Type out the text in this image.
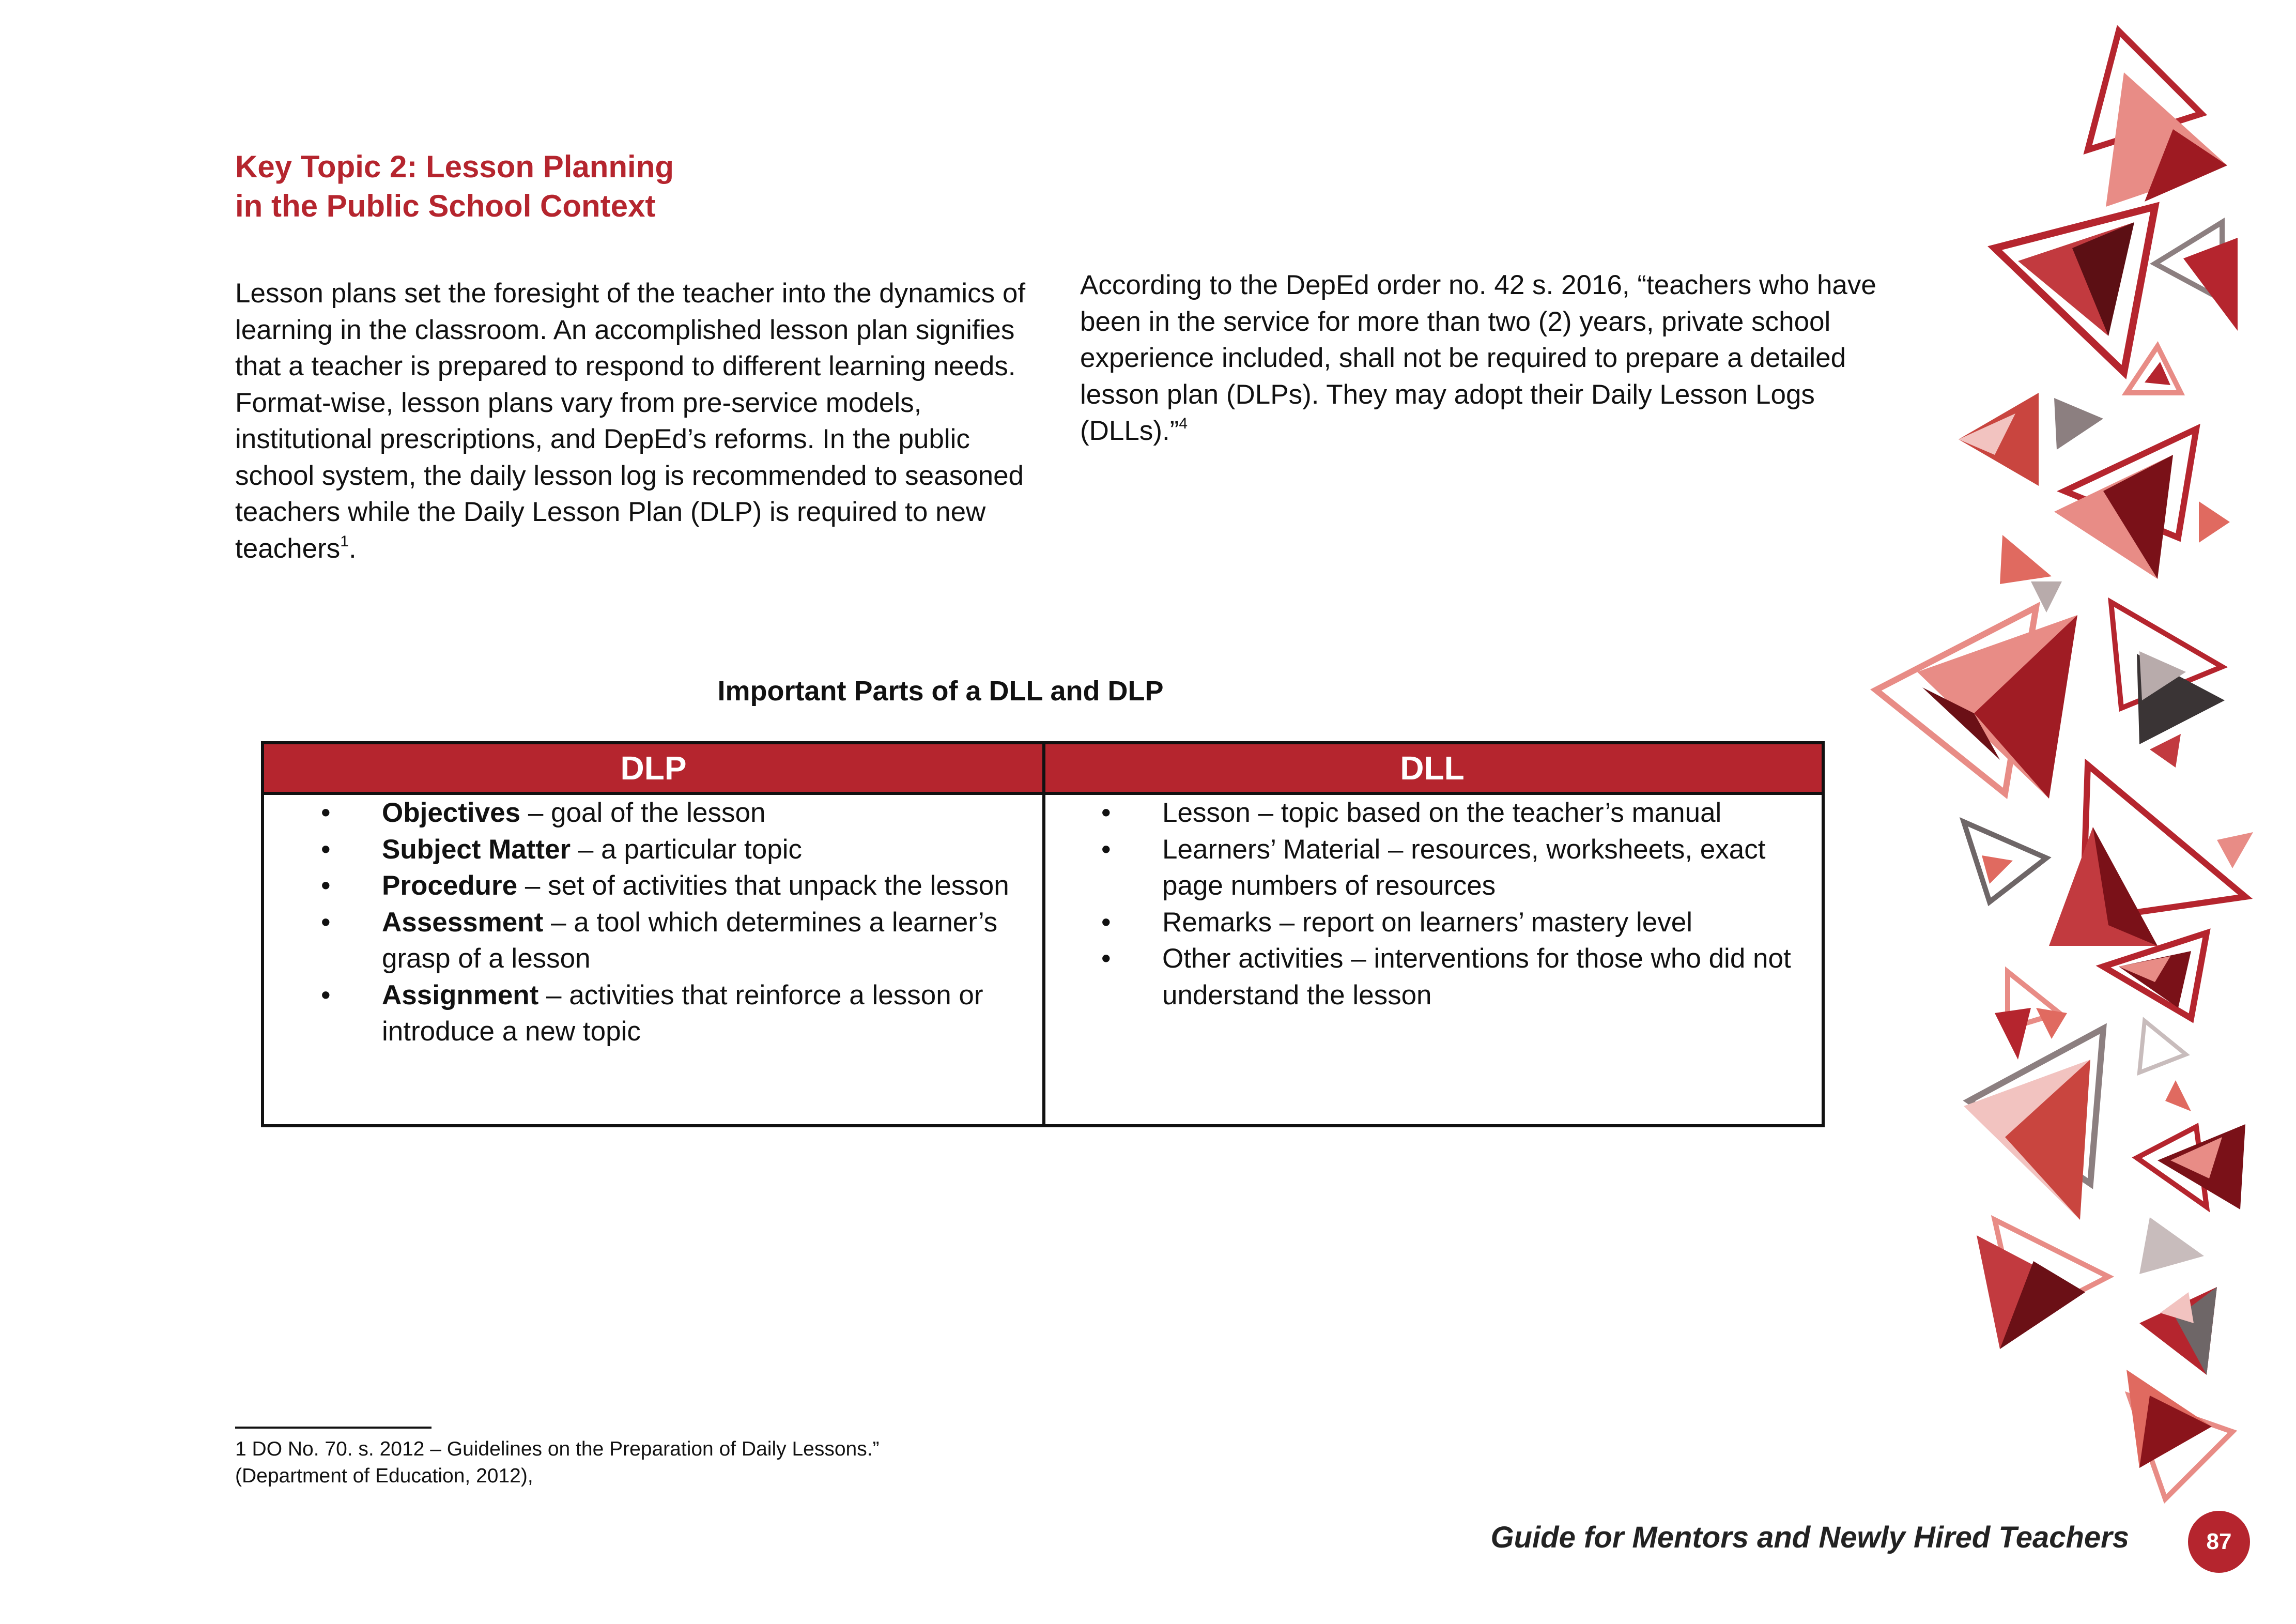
Key Topic 2: Lesson Planning
in the Public School Context
Lesson plans set the foresight of the teacher into the dynamics of learning in the classroom. An accomplished lesson plan signifies that a teacher is prepared to respond to different learning needs. Format-wise, lesson plans vary from pre-service models, institutional prescriptions, and DepEd’s reforms. In the public school system, the daily lesson log is recommended to seasoned teachers while the Daily Lesson Plan (DLP) is required to new teachers$^1$.
According to the DepEd order no. 42 s. 2016, “teachers who have been in the service for more than two (2) years, private school experience included, shall not be required to prepare a detailed lesson plan (DLPs). They may adopt their Daily Lesson Logs (DLLs).”$^4$
Important Parts of a DLL and DLP
DLP	DLL
• Objectives – goal of the lesson
• Subject Matter – a particular topic
• Procedure – set of activities that unpack the lesson
• Assessment – a tool which determines a learner’s grasp of a lesson
• Assignment – activities that reinforce a lesson or introduce a new topic
• Lesson – topic based on the teacher’s manual
• Learners’ Material – resources, worksheets, exact page numbers of resources
• Remarks – report on learners’ mastery level
• Other activities – interventions for those who did not understand the lesson
1 DO No. 70. s. 2012 – Guidelines on the Preparation of Daily Lessons.”
(Department of Education, 2012),
Guide for Mentors and Newly Hired Teachers	87
